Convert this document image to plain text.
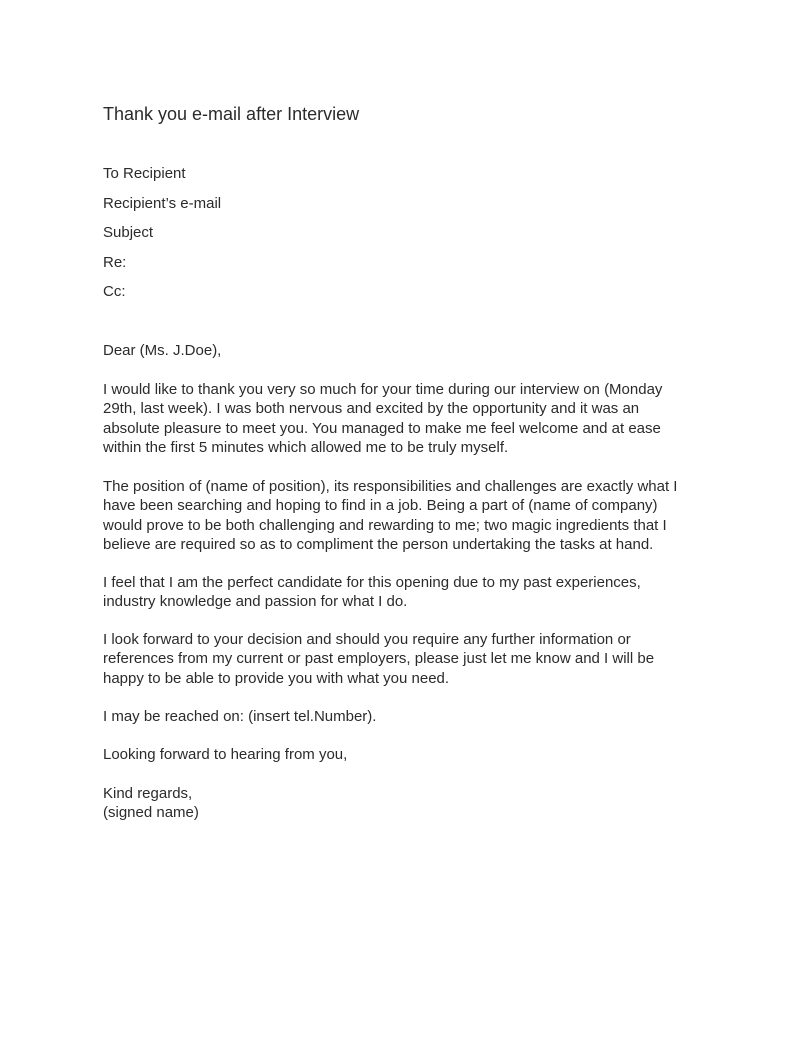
Thank you e-mail after Interview

To Recipient

Recipient’s e-mail

Subject

Re:

Cc:

Dear (Ms. J.Doe),

I would like to thank you very so much for your time during our interview on (Monday
29th, last week). I was both nervous and excited by the opportunity and it was an
absolute pleasure to meet you. You managed to make me feel welcome and at ease
within the first 5 minutes which allowed me to be truly myself.

The position of (name of position), its responsibilities and challenges are exactly what I
have been searching and hoping to find in a job. Being a part of (name of company)
would prove to be both challenging and rewarding to me; two magic ingredients that I
believe are required so as to compliment the person undertaking the tasks at hand.

I feel that I am the perfect candidate for this opening due to my past experiences,
industry knowledge and passion for what I do.

I look forward to your decision and should you require any further information or
references from my current or past employers, please just let me know and I will be
happy to be able to provide you with what you need.

I may be reached on: (insert tel.Number).

Looking forward to hearing from you,

Kind regards,
(signed name)
